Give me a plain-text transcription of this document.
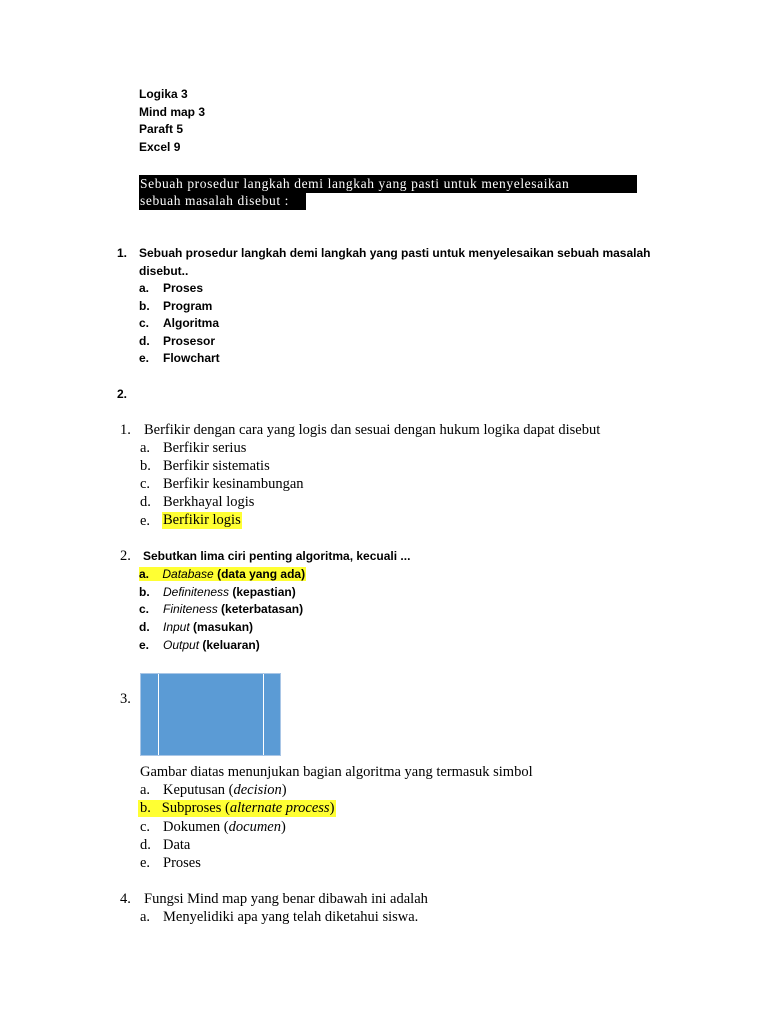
Logika 3
Mind map 3
Paraft 5
Excel 9
Sebuah prosedur langkah demi langkah yang pasti untuk menyelesaikan
sebuah masalah disebut :
1. Sebuah prosedur langkah demi langkah yang pasti untuk menyelesaikan sebuah masalah
disebut..
a. Proses
b. Program
c. Algoritma
d. Prosesor
e. Flowchart
2.
1. Berfikir dengan cara yang logis dan sesuai dengan hukum logika dapat disebut
a. Berfikir serius
b. Berfikir sistematis
c. Berfikir kesinambungan
d. Berkhayal logis
e. Berfikir logis
2. Sebutkan lima ciri penting algoritma, kecuali ...
a. Database (data yang ada)
b. Definiteness (kepastian)
c. Finiteness (keterbatasan)
d. Input (masukan)
e. Output (keluaran)
3.
Gambar diatas menunjukan bagian algoritma yang termasuk simbol
a. Keputusan (decision)
b. Subproses (alternate process)
c. Dokumen (documen)
d. Data
e. Proses
4. Fungsi Mind map yang benar dibawah ini adalah
a. Menyelidiki apa yang telah diketahui siswa.
